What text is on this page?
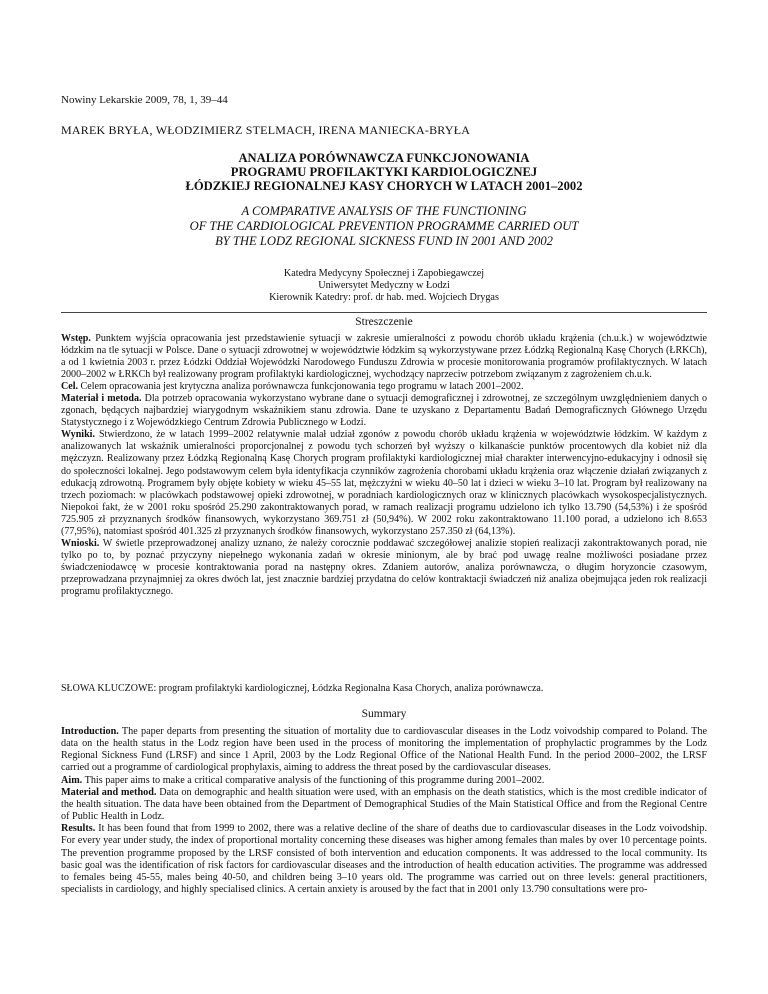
Nowiny Lekarskie 2009, 78, 1, 39–44
MAREK BRYŁA, WŁODZIMIERZ STELMACH, IRENA MANIECKA-BRYŁA
ANALIZA PORÓWNAWCZA FUNKCJONOWANIA
PROGRAMU PROFILAKTYKI KARDIOLOGICZNEJ
ŁÓDZKIEJ REGIONALNEJ KASY CHORYCH W LATACH 2001–2002
A COMPARATIVE ANALYSIS OF THE FUNCTIONING
OF THE CARDIOLOGICAL PREVENTION PROGRAMME CARRIED OUT
BY THE LODZ REGIONAL SICKNESS FUND IN 2001 AND 2002
Katedra Medycyny Społecznej i Zapobiegawczej
Uniwersytet Medyczny w Łodzi
Kierownik Katedry: prof. dr hab. med. Wojciech Drygas
Streszczenie

Wstęp. Punktem wyjścia opracowania jest przedstawienie sytuacji w zakresie umieralności z powodu chorób układu krążenia (ch.u.k.) w województwie łódzkim na tle sytuacji w Polsce. Dane o sytuacji zdrowotnej w województwie łódzkim są wykorzystywane przez Łódzką Regionalną Kasę Chorych (ŁRKCh), a od 1 kwietnia 2003 r. przez Łódzki Oddział Wojewódzki Narodowego Funduszu Zdrowia w procesie monitorowania programów profilaktycznych. W latach 2000–2002 w ŁRKCh był realizowany program profilaktyki kardiologicznej, wychodzący naprzeciw potrzebom związanym z zagrożeniem ch.u.k.

Cel. Celem opracowania jest krytyczna analiza porównawcza funkcjonowania tego programu w latach 2001–2002.

Materiał i metoda. Dla potrzeb opracowania wykorzystano wybrane dane o sytuacji demograficznej i zdrowotnej, ze szczególnym uwzględnieniem danych o zgonach, będących najbardziej wiarygodnym wskaźnikiem stanu zdrowia. Dane te uzyskano z Departamentu Badań Demograficznych Głównego Urzędu Statystycznego i z Wojewódzkiego Centrum Zdrowia Publicznego w Łodzi.

Wyniki. Stwierdzono, że w latach 1999–2002 relatywnie malał udział zgonów z powodu chorób układu krążenia w województwie łódzkim. W każdym z analizowanych lat wskaźnik umieralności proporcjonalnej z powodu tych schorzeń był wyższy o kilkanaście punktów procentowych dla kobiet niż dla mężczyzn. Realizowany przez Łódzką Regionalną Kasę Chorych program profilaktyki kardiologicznej miał charakter interwencyjno-edukacyjny i odnosił się do społeczności lokalnej. Jego podstawowym celem była identyfikacja czynników zagrożenia chorobami układu krążenia oraz włączenie działań związanych z edukacją zdrowotną. Programem były objęte kobiety w wieku 45–55 lat, mężczyźni w wieku 40–50 lat i dzieci w wieku 3–10 lat. Program był realizowany na trzech poziomach: w placówkach podstawowej opieki zdrowotnej, w poradniach kardiologicznych oraz w klinicznych placówkach wysokospecjalistycznych. Niepokoi fakt, że w 2001 roku spośród 25.290 zakontraktowanych porad, w ramach realizacji programu udzielono ich tylko 13.790 (54,53%) i że spośród 725.905 zł przyznanych środków finansowych, wykorzystano 369.751 zł (50,94%). W 2002 roku zakontraktowano 11.100 porad, a udzielono ich 8.653 (77,95%), natomiast spośród 401.325 zł przyznanych środków finansowych, wykorzystano 257.350 zł (64,13%).

Wnioski. W świetle przeprowadzonej analizy uznano, że należy corocznie poddawać szczegółowej analizie stopień realizacji zakontraktowanych porad, nie tylko po to, by poznać przyczyny niepełnego wykonania zadań w okresie minionym, ale by brać pod uwagę realne możliwości posiadane przez świadczeniodawcę w procesie kontraktowania porad na następny okres. Zdaniem autorów, analiza porównawcza, o długim horyzoncie czasowym, przeprowadzana przynajmniej za okres dwóch lat, jest znacznie bardziej przydatna do celów kontraktacji świadczeń niż analiza obejmująca jeden rok realizacji programu profilaktycznego.

SŁOWA KLUCZOWE: program profilaktyki kardiologicznej, Łódzka Regionalna Kasa Chorych, analiza porównawcza.
Summary

Introduction. The paper departs from presenting the situation of mortality due to cardiovascular diseases in the Lodz voivodship compared to Poland. The data on the health status in the Lodz region have been used in the process of monitoring the implementation of prophylactic programmes by the Lodz Regional Sickness Fund (LRSF) and since 1 April, 2003 by the Lodz Regional Office of the National Health Fund. In the period 2000–2002, the LRSF carried out a programme of cardiological prophylaxis, aiming to address the threat posed by the cardiovascular diseases.

Aim. This paper aims to make a critical comparative analysis of the functioning of this programme during 2001–2002.

Material and method. Data on demographic and health situation were used, with an emphasis on the death statistics, which is the most credible indicator of the health situation. The data have been obtained from the Department of Demographical Studies of the Main Statistical Office and from the Regional Centre of Public Health in Lodz.

Results. It has been found that from 1999 to 2002, there was a relative decline of the share of deaths due to cardiovascular diseases in the Lodz voivodship. For every year under study, the index of proportional mortality concerning these diseases was higher among females than males by over 10 percentage points. The prevention programme proposed by the LRSF consisted of both intervention and education components. It was addressed to the local community. Its basic goal was the identification of risk factors for cardiovascular diseases and the introduction of health education activities. The programme was addressed to females being 45-55, males being 40-50, and children being 3–10 years old. The programme was carried out on three levels: general practitioners, specialists in cardiology, and highly specialised clinics. A certain anxiety is aroused by the fact that in 2001 only 13.790 consultations were pro-
